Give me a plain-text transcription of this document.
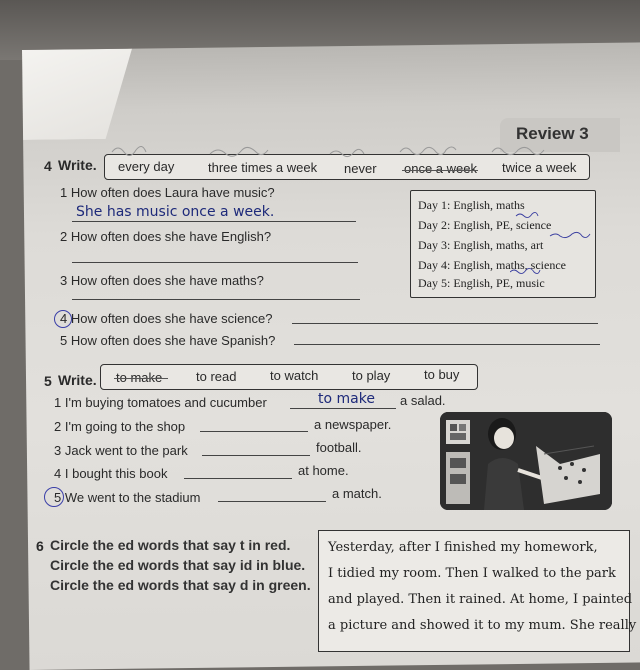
Review 3
4 Write. every day	three times a week never once a week twice a week
1 How often does Laura have music?
She has music once a week.
2 How often does she have English?
3 How often does she have maths?
4 How often does she have science?
5 How often does she have Spanish?
Day 1: English, maths
Day 2: English, PE, science
Day 3: English, maths, art
Day 4: English, maths, science
Day 5: English, PE, music
5 Write. to make	to read	to watch	to play	to buy
1 I'm buying tomatoes and cucumber	to make a salad.
2 I'm going to the shop	a newspaper.
3 Jack went to the park	football.
4 I bought this book	at home.
5 We went to the stadium	a match.
6 Circle the ed words that say t in red.
Circle the ed words that say id in blue.
Circle the ed words that say d in green.
Yesterday, after I finished my homework,
I tidied my room. Then I walked to the park
and played. Then it rained. At home, I painted
a picture and showed it to my mum. She really
